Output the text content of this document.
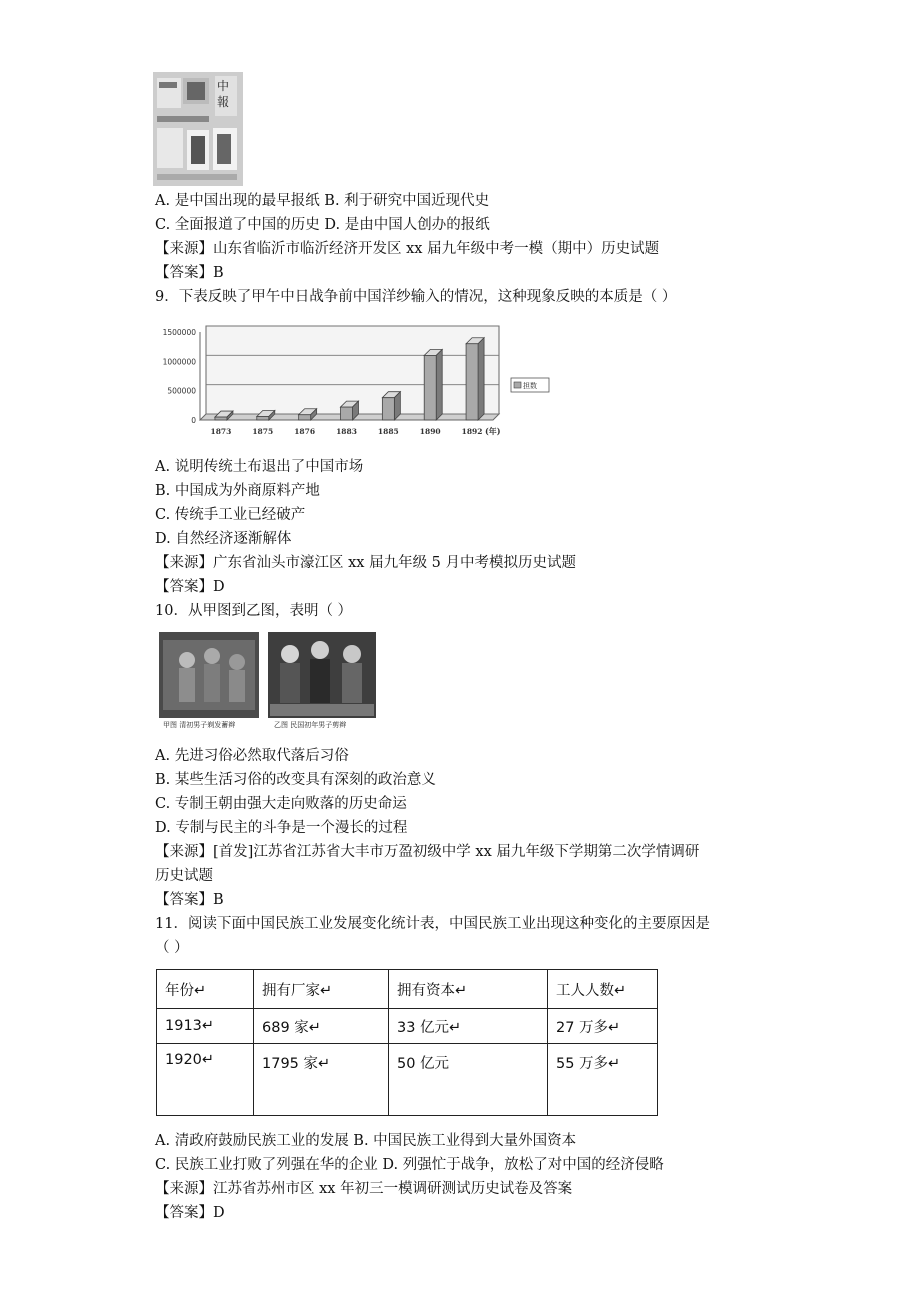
中
報
A. 是中国出现的最早报纸 B. 利于研究中国近现代史
C. 全面报道了中国的历史 D. 是由中国人创办的报纸
【来源】山东省临沂市临沂经济开发区 xx 届九年级中考一模（期中）历史试题
【答案】B
9．下表反映了甲午中日战争前中国洋纱输入的情况，这种现象反映的本质是（ ）
1500000
1000000
500000
0
1873	1875	1876	1883	1885	1890	1892 (年)
担数
A. 说明传统土布退出了中国市场
B. 中国成为外商原料产地
C. 传统手工业已经破产
D. 自然经济逐渐解体
【来源】广东省汕头市濠江区 xx 届九年级 5 月中考模拟历史试题
【答案】D
10．从甲图到乙图，表明（ ）
甲图 清初男子剃发蓄辫	乙图 民国初年男子剪辫
A. 先进习俗必然取代落后习俗
B. 某些生活习俗的改变具有深刻的政治意义
C. 专制王朝由强大走向败落的历史命运
D. 专制与民主的斗争是一个漫长的过程
【来源】[首发]江苏省江苏省大丰市万盈初级中学 xx 届九年级下学期第二次学情调研
历史试题
【答案】B
11．阅读下面中国民族工业发展变化统计表，中国民族工业出现这种变化的主要原因是
（ ）
年份↵	拥有厂家↵	拥有资本↵	工人人数↵
1913↵	689 家↵	33 亿元↵	27 万多↵
1920↵	1795 家↵	50 亿元	55 万多↵
A. 清政府鼓励民族工业的发展 B. 中国民族工业得到大量外国资本
C. 民族工业打败了列强在华的企业 D. 列强忙于战争，放松了对中国的经济侵略
【来源】江苏省苏州市区 xx 年初三一模调研测试历史试卷及答案
【答案】D
